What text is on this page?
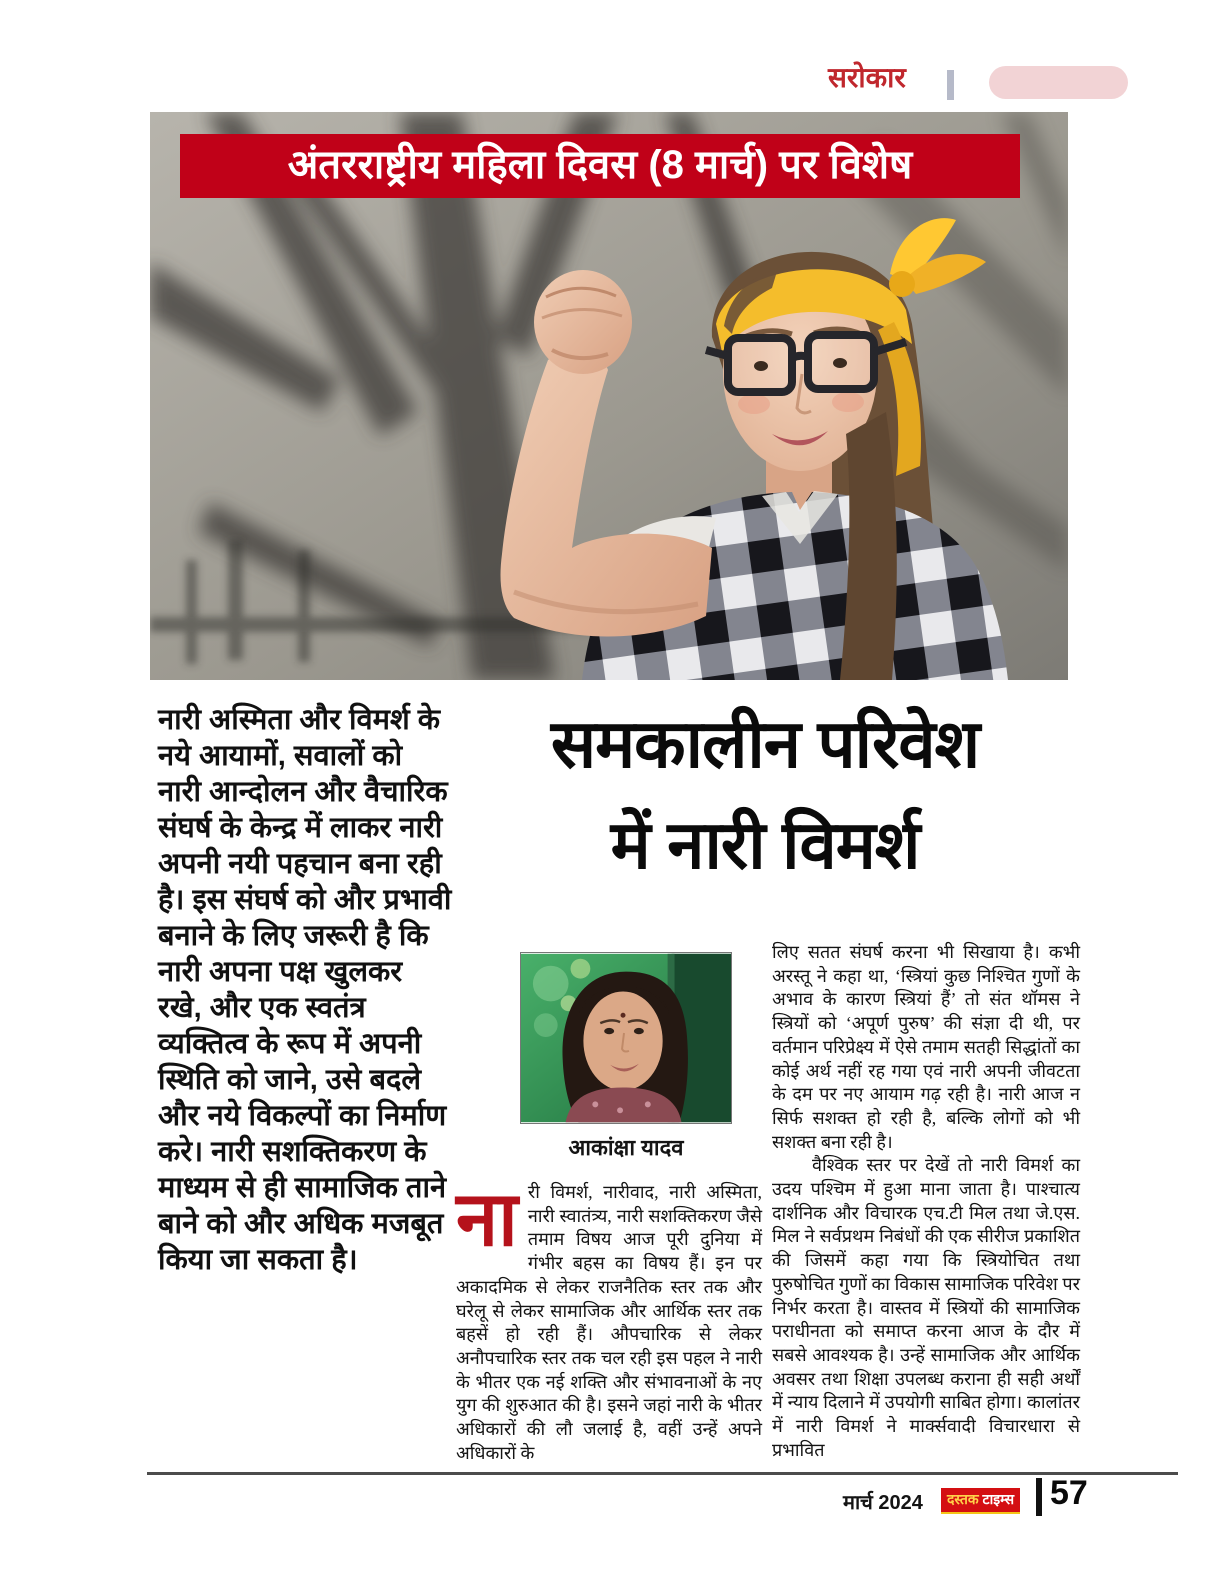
सरोकार
अंतरराष्ट्रीय महिला दिवस (8 मार्च) पर विशेष
नारी अस्मिता और विमर्श के नये आयामों, सवालों को नारी आन्दोलन और वैचारिक संघर्ष के केन्द्र में लाकर नारी अपनी नयी पहचान बना रही है। इस संघर्ष को और प्रभावी बनाने के लिए जरूरी है कि नारी अपना पक्ष खुलकर रखे, और एक स्वतंत्र व्यक्तित्व के रूप में अपनी स्थिति को जाने, उसे बदले और नये विकल्पों का निर्माण करे। नारी सशक्तिकरण के माध्यम से ही सामाजिक ताने बाने को और अधिक मजबूत किया जा सकता है।
समकालीन परिवेश
में नारी विमर्श
आकांक्षा यादव

नारी विमर्श, नारीवाद, नारी अस्मिता, नारी स्वातंत्र्य, नारी सशक्तिकरण जैसे तमाम विषय आज पूरी दुनिया में गंभीर बहस का विषय हैं। इन पर अकादमिक से लेकर राजनैतिक स्तर तक और घरेलू से लेकर सामाजिक और आर्थिक स्तर तक बहसें हो रही हैं। औपचारिक से लेकर अनौपचारिक स्तर तक चल रही इस पहल ने नारी के भीतर एक नई शक्ति और संभावनाओं के नए युग की शुरुआत की है। इसने जहां नारी के भीतर अधिकारों की लौ जलाई है, वहीं उन्हें अपने अधिकारों के

लिए सतत संघर्ष करना भी सिखाया है। कभी अरस्तू ने कहा था, ‘स्त्रियां कुछ निश्चित गुणों के अभाव के कारण स्त्रियां हैं’ तो संत थॉमस ने स्त्रियों को ‘अपूर्ण पुरुष’ की संज्ञा दी थी, पर वर्तमान परिप्रेक्ष्य में ऐसे तमाम सतही सिद्धांतों का कोई अर्थ नहीं रह गया एवं नारी अपनी जीवटता के दम पर नए आयाम गढ़ रही है। नारी आज न सिर्फ सशक्त हो रही है, बल्कि लोगों को भी सशक्त बना रही है।

वैश्विक स्तर पर देखें तो नारी विमर्श का उदय पश्चिम में हुआ माना जाता है। पाश्चात्य दार्शनिक और विचारक एच.टी मिल तथा जे.एस. मिल ने सर्वप्रथम निबंधों की एक सीरीज प्रकाशित की जिसमें कहा गया कि स्त्रियोचित तथा पुरुषोचित गुणों का विकास सामाजिक परिवेश पर निर्भर करता है। वास्तव में स्त्रियों की सामाजिक पराधीनता को समाप्त करना आज के दौर में सबसे आवश्यक है। उन्हें सामाजिक और आर्थिक अवसर तथा शिक्षा उपलब्ध कराना ही सही अर्थों में न्याय दिलाने में उपयोगी साबित होगा। कालांतर में नारी विमर्श ने मार्क्सवादी विचारधारा से प्रभावित

मार्च 2024	दस्तक टाइम्स 57
